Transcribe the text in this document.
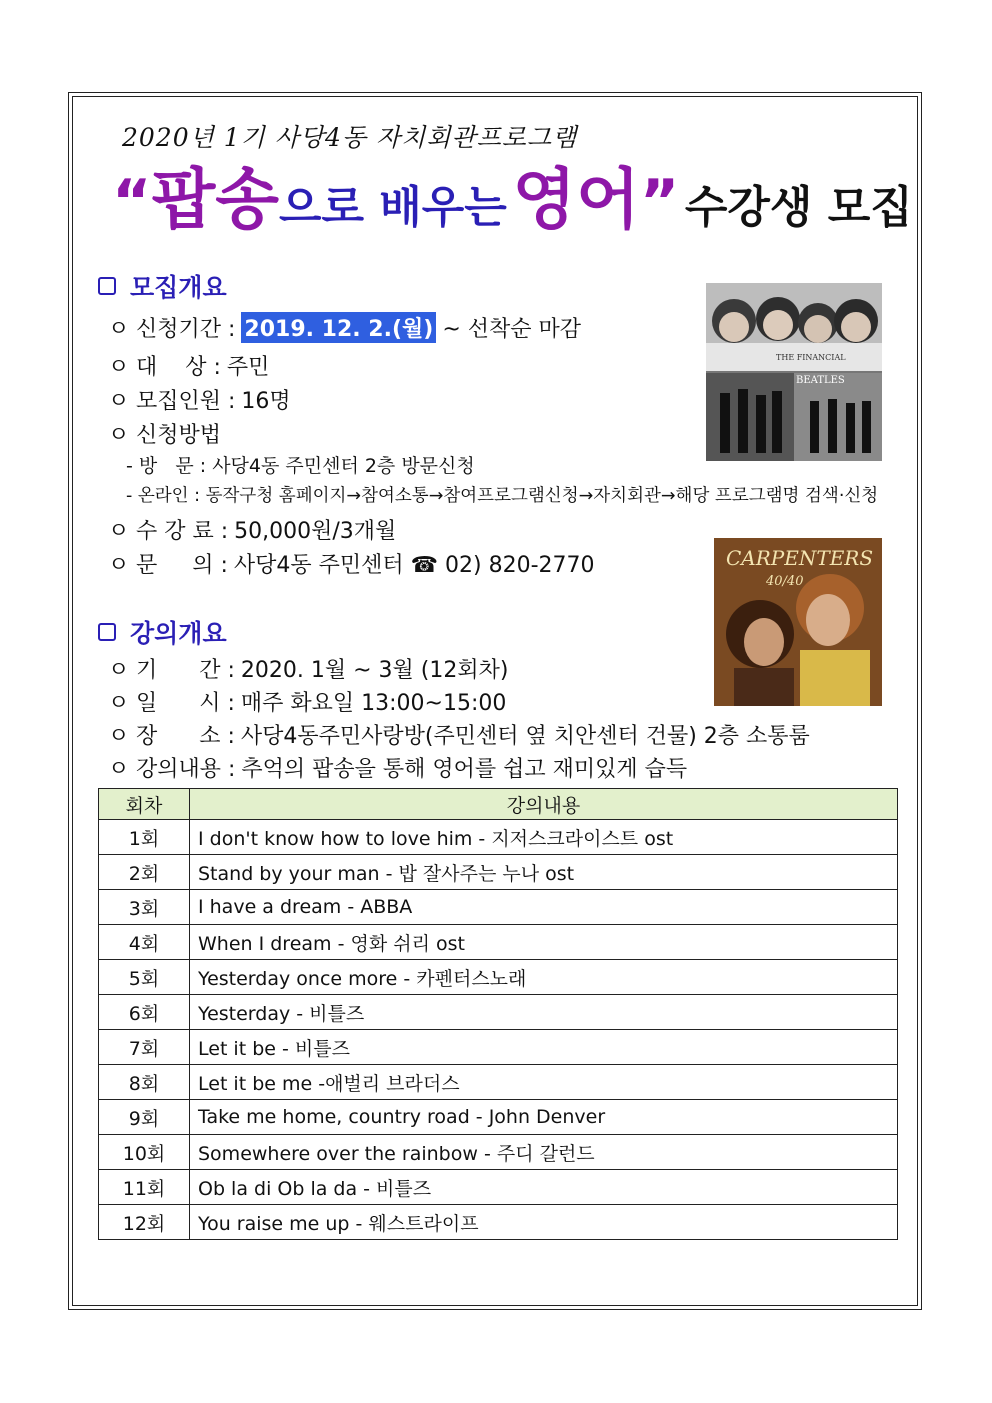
2020년 1기 사당4동 자치회관프로그램
“팝송으로 배우는 영어” 수강생 모집
모집개요
ㅇ 신청기간 : 2019. 12. 2.(월) ~ 선착순 마감
ㅇ 대    상 : 주민
ㅇ 모집인원 : 16명
ㅇ 신청방법
- 방   문 : 사당4동 주민센터 2층 방문신청
- 온라인 : 동작구청 홈페이지→참여소통→참여프로그램신청→자치회관→해당 프로그램명 검색·신청
ㅇ 수 강 료 : 50,000원/3개월
ㅇ 문     의 : 사당4동 주민센터 ☎ 02) 820-2770
THE FINANCIAL
BEATLES
CARPENTERS
40/40
강의개요
ㅇ 기      간 : 2020. 1월 ~ 3월 (12회차)
ㅇ 일      시 : 매주 화요일 13:00~15:00
ㅇ 장      소 : 사당4동주민사랑방(주민센터 옆 치안센터 건물) 2층 소통룸
ㅇ 강의내용 : 추억의 팝송을 통해 영어를 쉽고 재미있게 습득
회차	강의내용
1회	I don't know how to love him - 지저스크라이스트 ost
2회	Stand by your man - 밥 잘사주는 누나 ost
3회	I have a dream - ABBA
4회	When I dream - 영화 쉬리 ost
5회	Yesterday once more - 카펜터스노래
6회	Yesterday - 비틀즈
7회	Let it be - 비틀즈
8회	Let it be me -애벌리 브라더스
9회	Take me home, country road - John Denver
10회	Somewhere over the rainbow - 주디 갈런드
11회	Ob la di Ob la da - 비틀즈
12회	You raise me up - 웨스트라이프
